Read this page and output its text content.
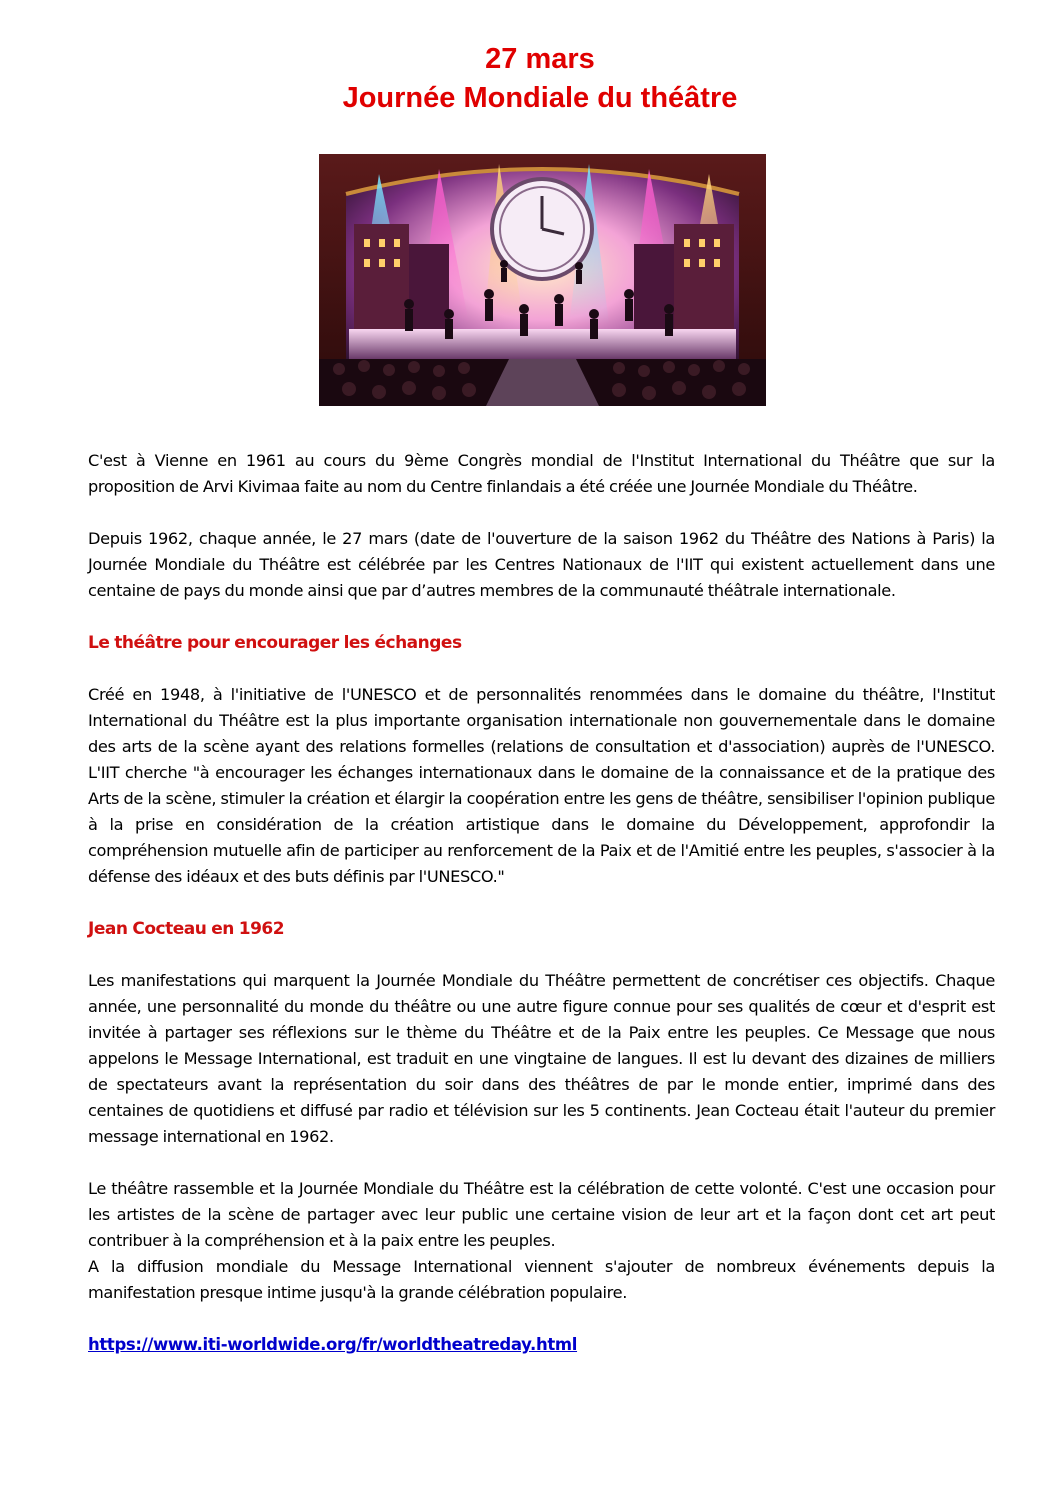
27 mars
Journée Mondiale du théâtre

C'est à Vienne en 1961 au cours du 9ème Congrès mondial de l'Institut International du Théâtre que sur la proposition de Arvi Kivimaa faite au nom du Centre finlandais a été créée une Journée Mondiale du Théâtre.

Depuis 1962, chaque année, le 27 mars (date de l'ouverture de la saison 1962 du Théâtre des Nations à Paris) la Journée Mondiale du Théâtre est célébrée par les Centres Nationaux de l'IIT qui existent actuellement dans une centaine de pays du monde ainsi que par d’autres membres de la communauté théâtrale internationale.

Le théâtre pour encourager les échanges

Créé en 1948, à l'initiative de l'UNESCO et de personnalités renommées dans le domaine du théâtre, l'Institut International du Théâtre est la plus importante organisation internationale non gouvernementale dans le domaine des arts de la scène ayant des relations formelles (relations de consultation et d'association) auprès de l'UNESCO. L'IIT cherche "à encourager les échanges internationaux dans le domaine de la connaissance et de la pratique des Arts de la scène, stimuler la création et élargir la coopération entre les gens de théâtre, sensibiliser l'opinion publique à la prise en considération de la création artistique dans le domaine du Développement, approfondir la compréhension mutuelle afin de participer au renforcement de la Paix et de l'Amitié entre les peuples, s'associer à la défense des idéaux et des buts définis par l'UNESCO."

Jean Cocteau en 1962

Les manifestations qui marquent la Journée Mondiale du Théâtre permettent de concrétiser ces objectifs. Chaque année, une personnalité du monde du théâtre ou une autre figure connue pour ses qualités de cœur et d'esprit est invitée à partager ses réflexions sur le thème du Théâtre et de la Paix entre les peuples. Ce Message que nous appelons le Message International, est traduit en une vingtaine de langues. Il est lu devant des dizaines de milliers de spectateurs avant la représentation du soir dans des théâtres de par le monde entier, imprimé dans des centaines de quotidiens et diffusé par radio et télévision sur les 5 continents. Jean Cocteau était l'auteur du premier message international en 1962.

Le théâtre rassemble et la Journée Mondiale du Théâtre est la célébration de cette volonté. C'est une occasion pour les artistes de la scène de partager avec leur public une certaine vision de leur art et la façon dont cet art peut contribuer à la compréhension et à la paix entre les peuples.

A la diffusion mondiale du Message International viennent s'ajouter de nombreux événements depuis la manifestation presque intime jusqu'à la grande célébration populaire.

https://www.iti-worldwide.org/fr/worldtheatreday.html
